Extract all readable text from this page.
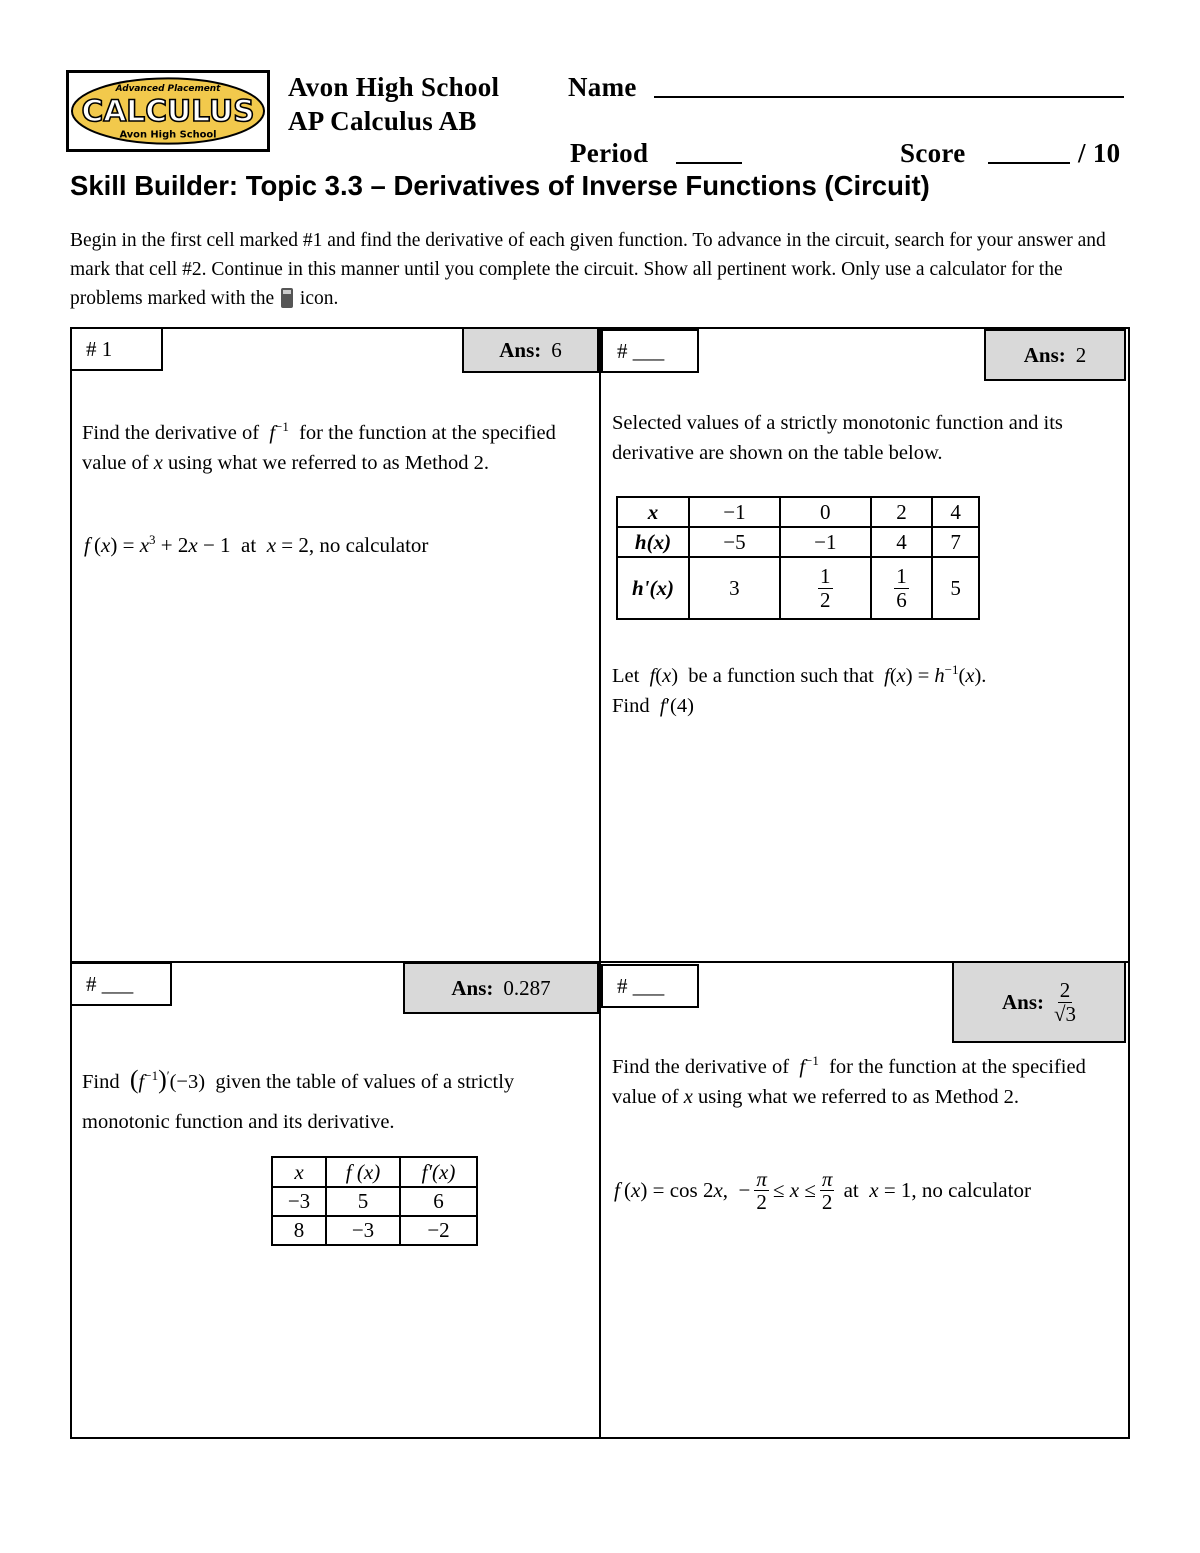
Advanced Placement
CALCULUS
Avon High School
Avon High School
AP Calculus AB
Name
Period	Score	/ 10
Skill Builder: Topic 3.3 – Derivatives of Inverse Functions (Circuit)
Begin in the first cell marked #1 and find the derivative of each given function. To advance in the circuit, search for your answer and mark that cell #2. Continue in this manner until you complete the circuit. Show all pertinent work. Only use a calculator for the problems marked with the icon.
# 1	Ans: 6
Find the derivative of  $f^{-1}$ for the function at the specified value of x using what we referred to as Method 2.
f $(x) = x^3 + 2x - 1$  at  x = 2, no calculator
# ___	Ans: 2
Selected values of a strictly monotonic function and its derivative are shown on the table below.
x	−1	0	2	4
h(x)	−5	−1	4	7
h'(x)	3	$\frac{1}{2}$	$\frac{1}{6}$	5
Let f(x)  be a function such that $f(x) = h^{-1}(x)$.
Find f′(4)
# ___	Ans: 0.287
Find $(f^{-1})'(-3)$  given the table of values of a strictly monotonic function and its derivative.
x	f (x)	f′(x)
−3	5	6
8	−3	−2
# ___
Ans: $\frac{2}{√3}$
Find the derivative of  $f^{-1}$ for the function at the specified value of x using what we referred to as Method 2.
f (x) = cos 2x,  − $\frac{\pi}{2} \le x \le \frac{\pi}{2}$ at  x = 1, no calculator
